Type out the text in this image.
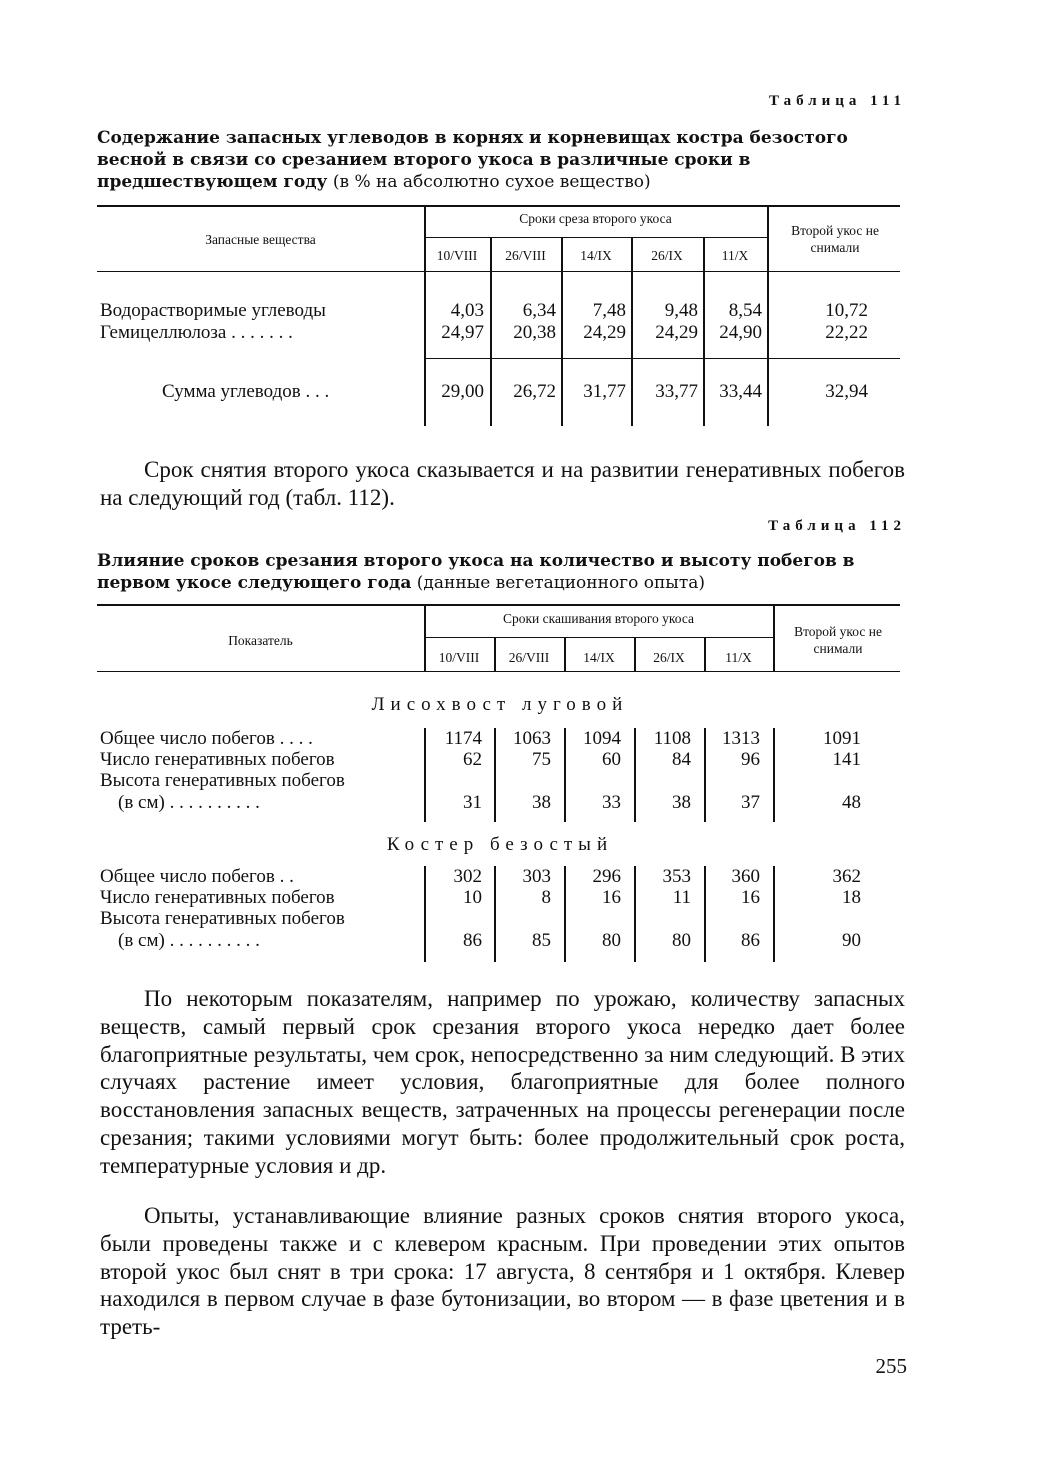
Таблица 111
Содержание запасных углеводов в корнях и корневищах костра безостого весной в связи со срезанием второго укоса в различные сроки в предшествующем году (в % на абсолютно сухое вещество)
Запасные вещества
Сроки среза второго укоса
10/VIII	26/VIII	14/IX	26/IX	11/X
Второй укос не снимали
Водорастворимые углеводы	4,03	6,34	7,48	9,48	8,54	10,72
Гемицеллюлоза . . . . . . .	24,97	20,38	24,29	24,29	24,90	22,22
Сумма углеводов . . .	29,00	26,72	31,77	33,77	33,44	32,94
Срок снятия второго укоса сказывается и на развитии генеративных побегов на следующий год (табл. 112).
Таблица 112
Влияние сроков срезания второго укоса на количество и высоту побегов в первом укосе следующего года (данные вегетационного опыта)
Показатель
Сроки скашивания второго укоса
10/VIII	26/VIII	14/IX	26/IX	11/X
Второй укос не снимали
Лисохвост луговой
Общее число побегов . . . .	1174	1063	1094	1108	1313	1091
Число генеративных побегов	62	75	60	84	96	141
Высота генеративных побегов
(в см) . . . . . . . . . .	31	38	33	38	37	48
Костер безостый
Общее число побегов . .	302	303	296	353	360	362
Число генеративных побегов	10	8	16	11	16	18
Высота генеративных побегов
(в см) . . . . . . . . . .	86	85	80	80	86	90
По некоторым показателям, например по урожаю, количеству запасных веществ, самый первый срок срезания второго укоса нередко дает более благоприятные результаты, чем срок, непосредственно за ним следующий. В этих случаях растение имеет условия, благоприятные для более полного восстановления запасных веществ, затраченных на процессы регенерации после срезания; такими условиями могут быть: более продолжительный срок роста, температурные условия и др.
Опыты, устанавливающие влияние разных сроков снятия второго укоса, были проведены также и с клевером красным. При проведении этих опытов второй укос был снят в три срока: 17 августа, 8 сентября и 1 октября. Клевер находился в первом случае в фазе бутонизации, во втором — в фазе цветения и в треть-
255
